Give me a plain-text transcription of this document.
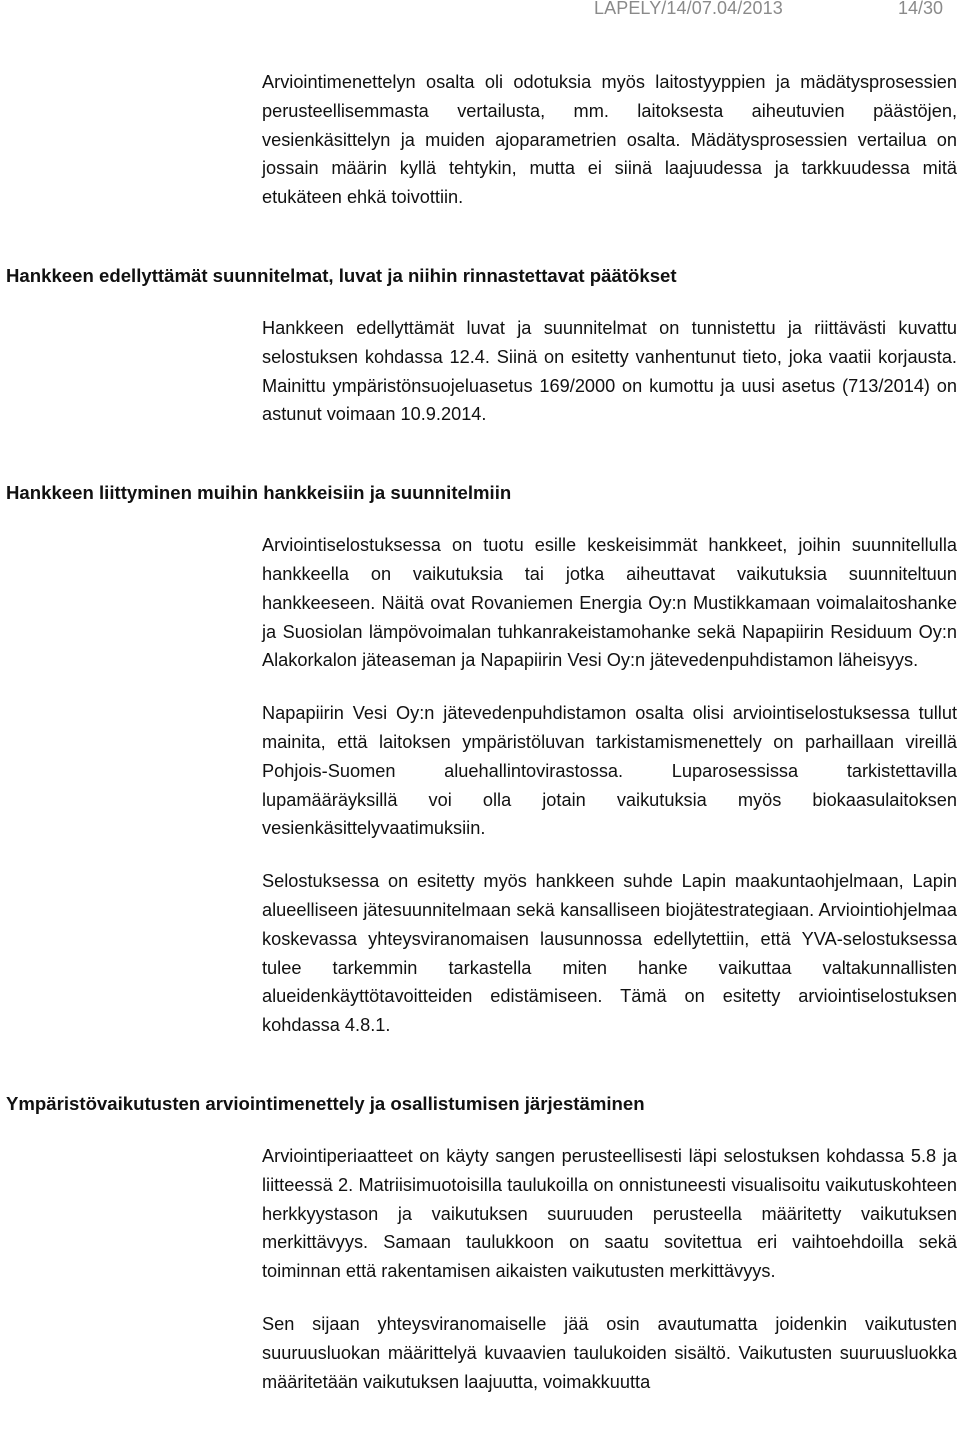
LAPELY/14/07.04/2013	14/30

Arviointimenettelyn osalta oli odotuksia myös laitostyyppien ja mädätysprosessien perusteellisemmasta vertailusta, mm. laitoksesta aiheutuvien päästöjen, vesienkäsittelyn ja muiden ajoparametrien osalta. Mädätysprosessien vertailua on jossain määrin kyllä tehtykin, mutta ei siinä laajuudessa ja tarkkuudessa mitä etukäteen ehkä toivottiin.

Hankkeen edellyttämät suunnitelmat, luvat ja niihin rinnastettavat päätökset

Hankkeen edellyttämät luvat ja suunnitelmat on tunnistettu ja riittävästi kuvattu selostuksen kohdassa 12.4. Siinä on esitetty vanhentunut tieto, joka vaatii korjausta. Mainittu ympäristönsuojeluasetus 169/2000 on kumottu ja uusi asetus (713/2014) on astunut voimaan 10.9.2014.

Hankkeen liittyminen muihin hankkeisiin ja suunnitelmiin

Arviointiselostuksessa on tuotu esille keskeisimmät hankkeet, joihin suunnitellulla hankkeella on vaikutuksia tai jotka aiheuttavat vaikutuksia suunniteltuun hankkeeseen. Näitä ovat Rovaniemen Energia Oy:n Mustikkamaan voimalaitoshanke ja Suosiolan lämpövoimalan tuhkanrakeistamohanke sekä Napapiirin Residuum Oy:n Alakorkalon jäteaseman ja Napapiirin Vesi Oy:n jätevedenpuhdistamon läheisyys.

Napapiirin Vesi Oy:n jätevedenpuhdistamon osalta olisi arviointiselostuksessa tullut mainita, että laitoksen ympäristöluvan tarkistamismenettely on parhaillaan vireillä Pohjois-Suomen aluehallintovirastossa. Luparosessissa tarkistettavilla lupamääräyksillä voi olla jotain vaikutuksia myös biokaasulaitoksen vesienkäsittelyvaatimuksiin.

Selostuksessa on esitetty myös hankkeen suhde Lapin maakuntaohjelmaan, Lapin alueelliseen jätesuunnitelmaan sekä kansalliseen biojätestrategiaan. Arviointiohjelmaa koskevassa yhteysviranomaisen lausunnossa edellytettiin, että YVA-selostuksessa tulee tarkemmin tarkastella miten hanke vaikuttaa valtakunnallisten alueidenkäyttötavoitteiden edistämiseen. Tämä on esitetty arviointiselostuksen kohdassa 4.8.1.

Ympäristövaikutusten arviointimenettely ja osallistumisen järjestäminen

Arviointiperiaatteet on käyty sangen perusteellisesti läpi selostuksen kohdassa 5.8 ja liitteessä 2. Matriisimuotoisilla taulukoilla on onnistuneesti visualisoitu vaikutuskohteen herkkyystason ja vaikutuksen suuruuden perusteella määritetty vaikutuksen merkittävyys. Samaan taulukkoon on saatu sovitettua eri vaihtoehdoilla sekä toiminnan että rakentamisen aikaisten vaikutusten merkittävyys.

Sen sijaan yhteysviranomaiselle jää osin avautumatta joidenkin vaikutusten suuruusluokan määrittelyä kuvaavien taulukoiden sisältö. Vaikutusten suuruusluokka määritetään vaikutuksen laajuutta, voimakkuutta
